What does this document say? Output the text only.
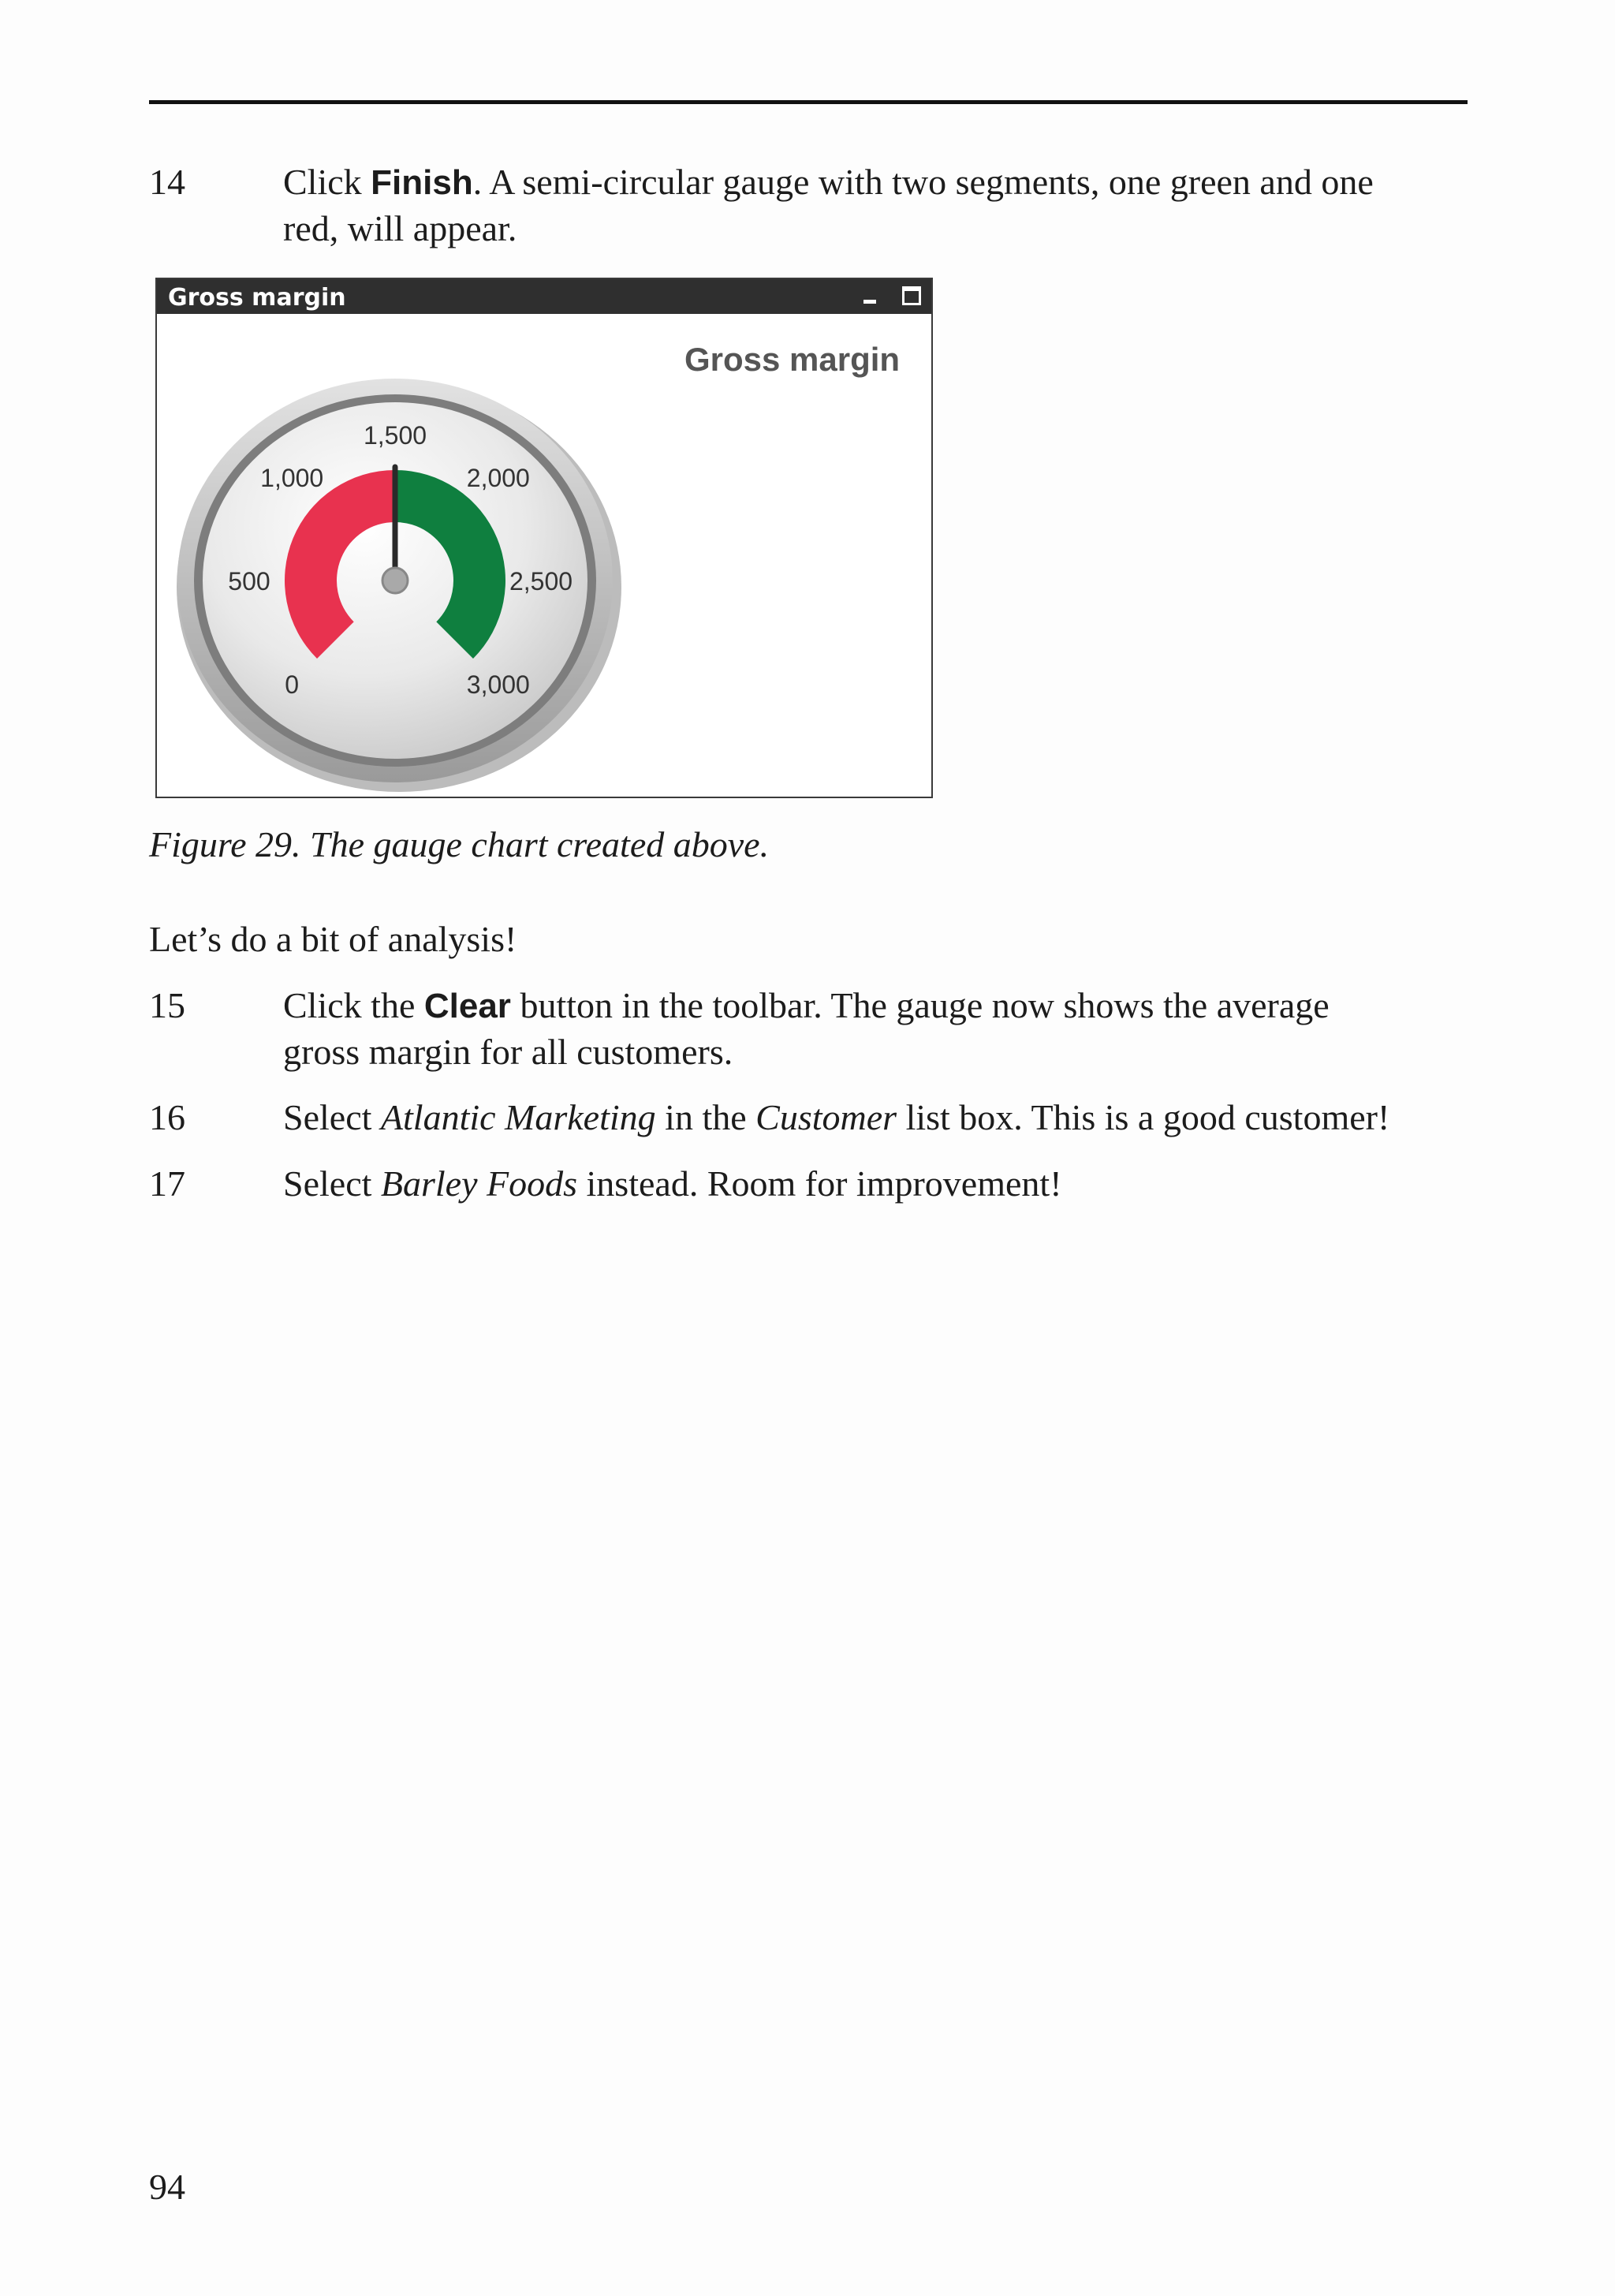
14	Click Finish. A semi-circular gauge with two segments, one green and one
red, will appear.
Gross margin
Gross margin
0
500
1,000
1,500
2,000
2,500
3,000
Figure 29. The gauge chart created above.
Let’s do a bit of analysis!
15	Click the Clear button in the toolbar. The gauge now shows the average
gross margin for all customers.
16	Select Atlantic Marketing in the Customer list box. This is a good customer!
17	Select Barley Foods instead. Room for improvement!
94
